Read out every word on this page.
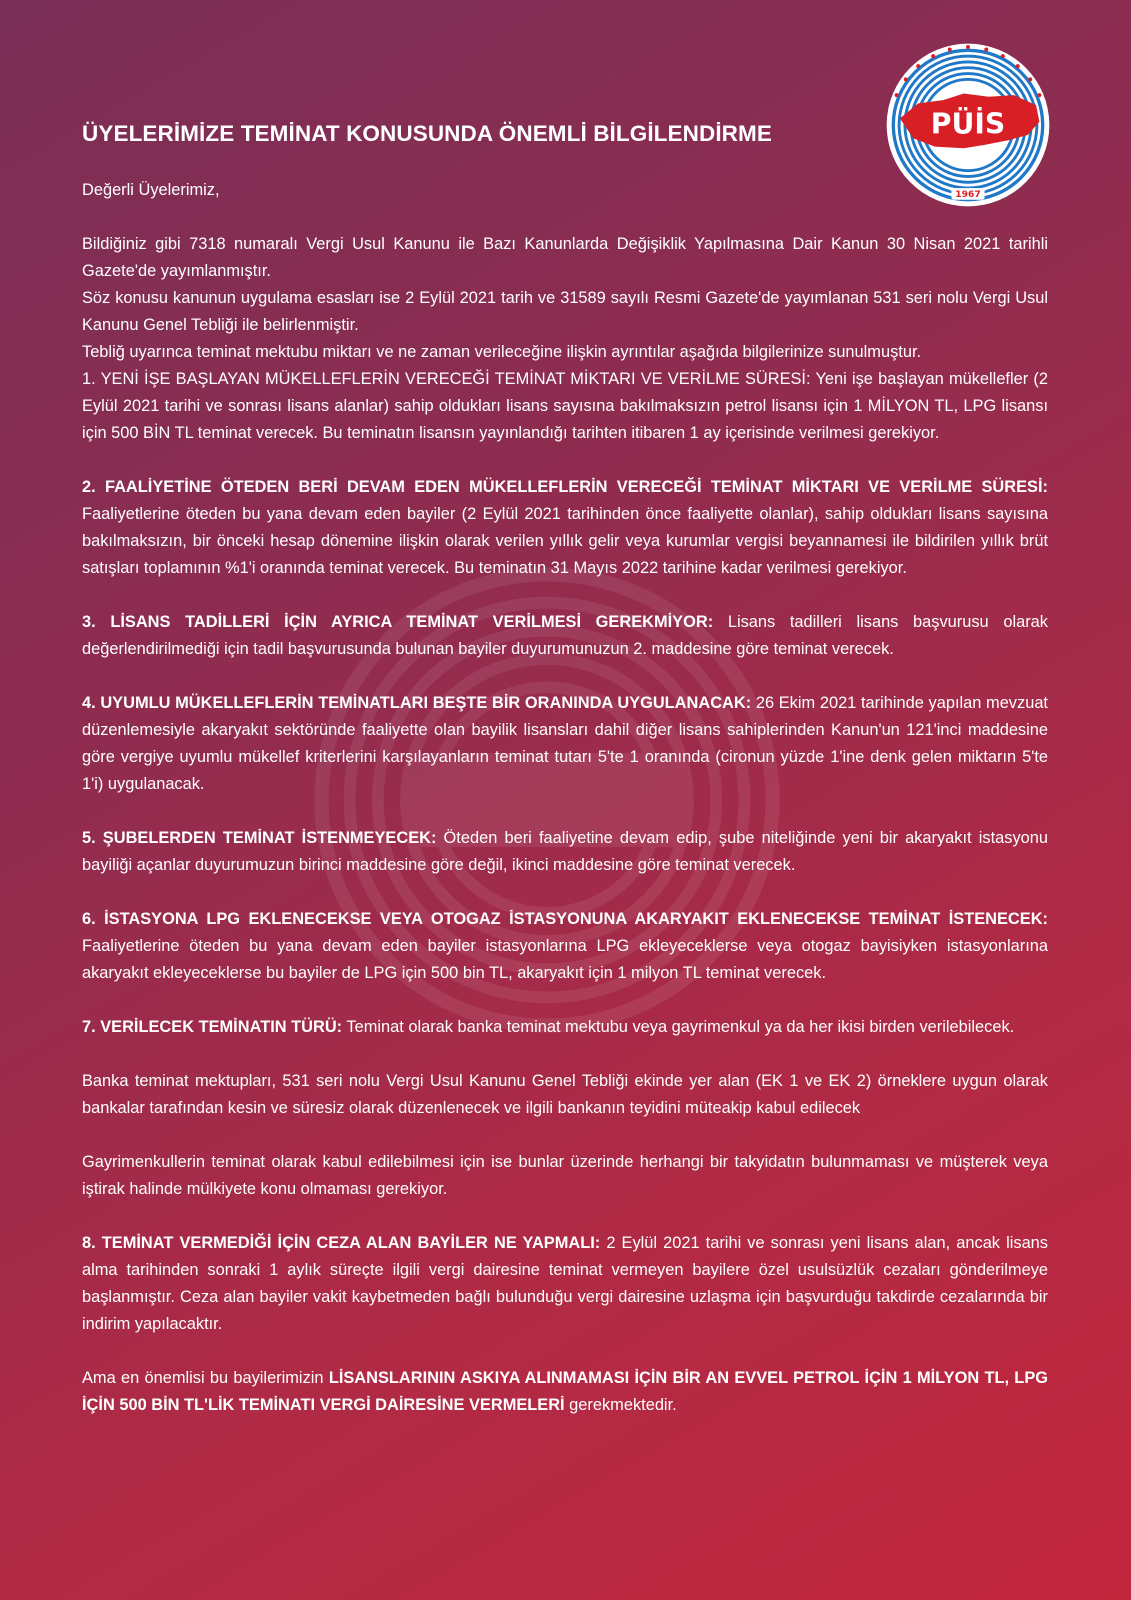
PÜİS
1967
ÜYELERİMİZE TEMİNAT KONUSUNDA ÖNEMLİ BİLGİLENDİRME

Değerli Üyelerimiz,

Bildiğiniz gibi 7318 numaralı Vergi Usul Kanunu ile Bazı Kanunlarda Değişiklik Yapılmasına Dair Kanun 30 Nisan 2021 tarihli Gazete'de yayımlanmıştır.

Söz konusu kanunun uygulama esasları ise 2 Eylül 2021 tarih ve 31589 sayılı Resmi Gazete'de yayımlanan 531 seri nolu Vergi Usul Kanunu Genel Tebliği ile belirlenmiştir.

Tebliğ uyarınca teminat mektubu miktarı ve ne zaman verileceğine ilişkin ayrıntılar aşağıda bilgilerinize sunulmuştur.

1. YENİ İŞE BAŞLAYAN MÜKELLEFLERİN VERECEĞİ TEMİNAT MİKTARI VE VERİLME SÜRESİ: Yeni işe başlayan mükellefler (2 Eylül 2021 tarihi ve sonrası lisans alanlar) sahip oldukları lisans sayısına bakılmaksızın petrol lisansı için 1 MİLYON TL, LPG lisansı için 500 BİN TL teminat verecek. Bu teminatın lisansın yayınlandığı tarihten itibaren 1 ay içerisinde verilmesi gerekiyor.

2. FAALİYETİNE ÖTEDEN BERİ DEVAM EDEN MÜKELLEFLERİN VERECEĞİ TEMİNAT MİKTARI VE VERİLME SÜRESİ: Faaliyetlerine öteden bu yana devam eden bayiler (2 Eylül 2021 tarihinden önce faaliyette olanlar), sahip oldukları lisans sayısına bakılmaksızın, bir önceki hesap dönemine ilişkin olarak verilen yıllık gelir veya kurumlar vergisi beyannamesi ile bildirilen yıllık brüt satışları toplamının %1'i oranında teminat verecek. Bu teminatın 31 Mayıs 2022 tarihine kadar verilmesi gerekiyor.

3. LİSANS TADİLLERİ İÇİN AYRICA TEMİNAT VERİLMESİ GEREKMİYOR: Lisans tadilleri lisans başvurusu olarak değerlendirilmediği için tadil başvurusunda bulunan bayiler duyurumunuzun 2. maddesine göre teminat verecek.

4. UYUMLU MÜKELLEFLERİN TEMİNATLARI BEŞTE BİR ORANINDA UYGULANACAK: 26 Ekim 2021 tarihinde yapılan mevzuat düzenlemesiyle akaryakıt sektöründe faaliyette olan bayilik lisansları dahil diğer lisans sahiplerinden Kanun'un 121'inci maddesine göre vergiye uyumlu mükellef kriterlerini karşılayanların teminat tutarı 5'te 1 oranında (cironun yüzde 1'ine denk gelen miktarın 5'te 1'i) uygulanacak.

5. ŞUBELERDEN TEMİNAT İSTENMEYECEK: Öteden beri faaliyetine devam edip, şube niteliğinde yeni bir akaryakıt istasyonu bayiliği açanlar duyurumuzun birinci maddesine göre değil, ikinci maddesine göre teminat verecek.

6. İSTASYONA LPG EKLENECEKSE VEYA OTOGAZ İSTASYONUNA AKARYAKIT EKLENECEKSE TEMİNAT İSTENECEK: Faaliyetlerine öteden bu yana devam eden bayiler istasyonlarına LPG ekleyeceklerse veya otogaz bayisiyken istasyonlarına akaryakıt ekleyeceklerse bu bayiler de LPG için 500 bin TL, akaryakıt için 1 milyon TL teminat verecek.

7. VERİLECEK TEMİNATIN TÜRÜ: Teminat olarak banka teminat mektubu veya gayrimenkul ya da her ikisi birden verilebilecek.

Banka teminat mektupları, 531 seri nolu Vergi Usul Kanunu Genel Tebliği ekinde yer alan (EK 1 ve EK 2) örneklere uygun olarak bankalar tarafından kesin ve süresiz olarak düzenlenecek ve ilgili bankanın teyidini müteakip kabul edilecek

Gayrimenkullerin teminat olarak kabul edilebilmesi için ise bunlar üzerinde herhangi bir takyidatın bulunmaması ve müşterek veya iştirak halinde mülkiyete konu olmaması gerekiyor.

8. TEMİNAT VERMEDİĞİ İÇİN CEZA ALAN BAYİLER NE YAPMALI: 2 Eylül 2021 tarihi ve sonrası yeni lisans alan, ancak lisans alma tarihinden sonraki 1 aylık süreçte ilgili vergi dairesine teminat vermeyen bayilere özel usulsüzlük cezaları gönderilmeye başlanmıştır. Ceza alan bayiler vakit kaybetmeden bağlı bulunduğu vergi dairesine uzlaşma için başvurduğu takdirde cezalarında bir indirim yapılacaktır.

Ama en önemlisi bu bayilerimizin LİSANSLARININ ASKIYA ALINMAMASI İÇİN BİR AN EVVEL PETROL İÇİN 1 MİLYON TL, LPG İÇİN 500 BİN TL'LİK TEMİNATI VERGİ DAİRESİNE VERMELERİ gerekmektedir.
